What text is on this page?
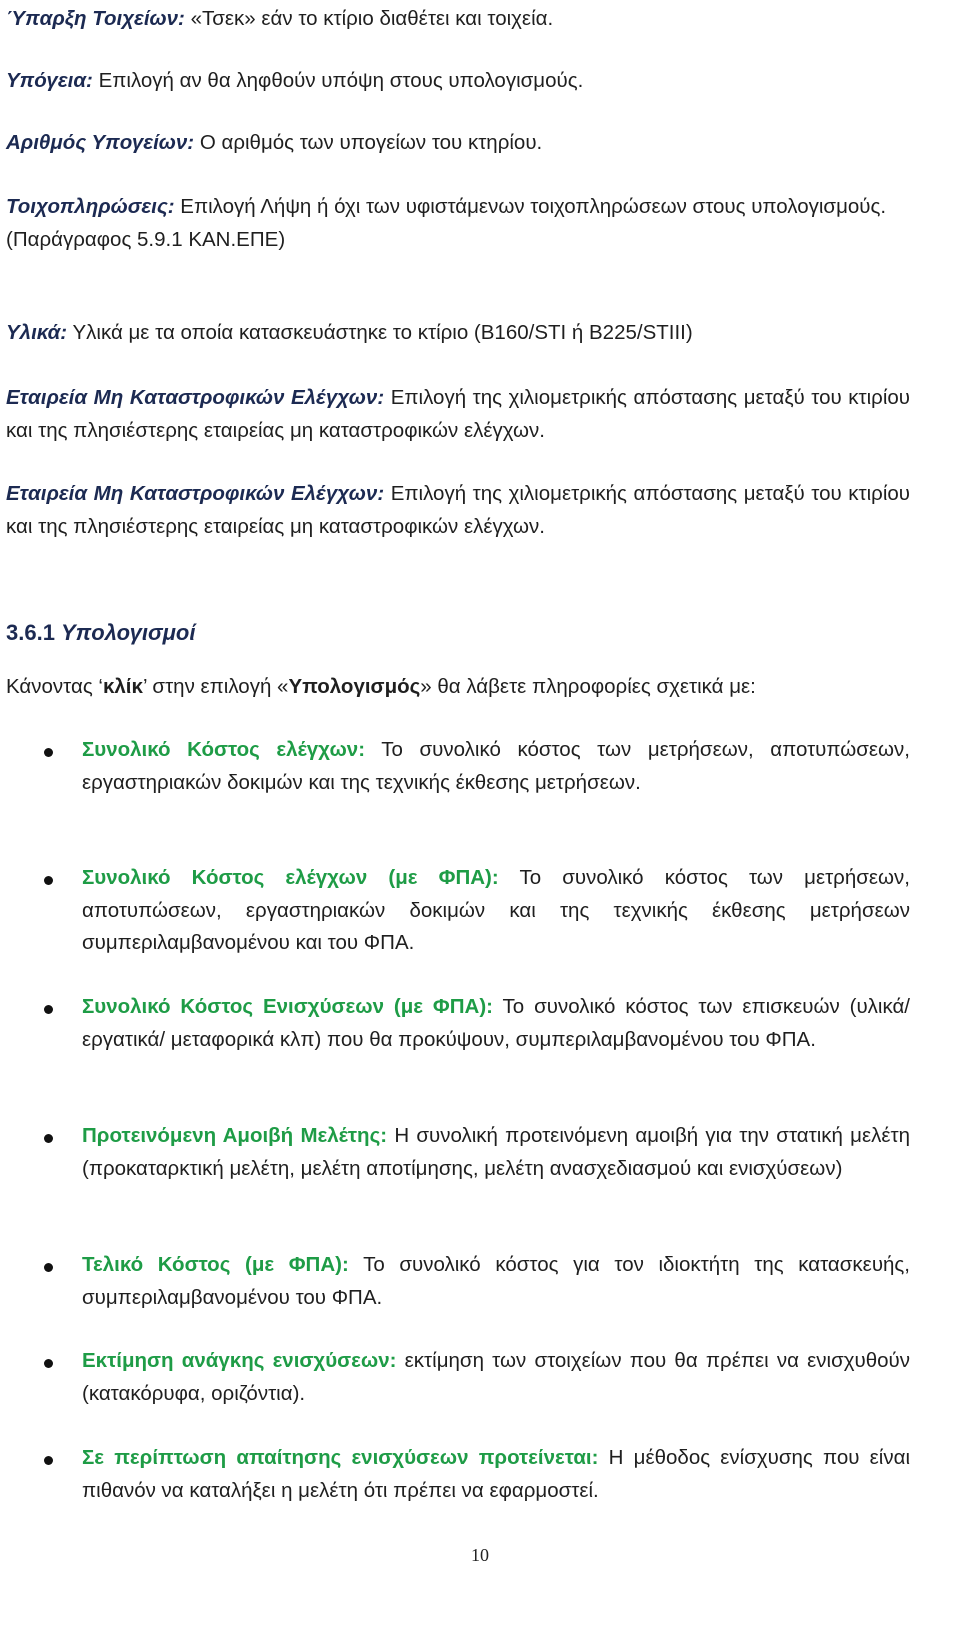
Ύπαρξη Τοιχείων: «Τσεκ» εάν το κτίριο διαθέτει και τοιχεία.

Υπόγεια: Επιλογή αν θα ληφθούν υπόψη στους υπολογισμούς.

Αριθμός Υπογείων: Ο αριθμός των υπογείων του κτηρίου.

Τοιχοπληρώσεις: Επιλογή Λήψη ή όχι των υφιστάμενων τοιχοπληρώσεων στους υπολογισμούς.

(Παράγραφος 5.9.1 ΚΑΝ.ΕΠΕ)

Υλικά: Υλικά με τα οποία κατασκευάστηκε το κτίριο (B160/STI ή B225/STIII)

Εταιρεία Μη Καταστροφικών Ελέγχων: Επιλογή της χιλιομετρικής απόστασης μεταξύ του κτιρίου και της πλησιέστερης εταιρείας μη καταστροφικών ελέγχων.

Εταιρεία Μη Καταστροφικών Ελέγχων: Επιλογή της χιλιομετρικής απόστασης μεταξύ του κτιρίου και της πλησιέστερης εταιρείας μη καταστροφικών ελέγχων.

3.6.1 Υπολογισμοί

Κάνοντας ‘κλίκ’ στην επιλογή «Υπολογισμός» θα λάβετε πληροφορίες σχετικά με:

Συνολικό Κόστος ελέγχων: Το συνολικό κόστος των μετρήσεων, αποτυπώσεων, εργαστηριακών δοκιμών και της τεχνικής έκθεσης μετρήσεων.

Συνολικό Κόστος ελέγχων (με ΦΠΑ): Το συνολικό κόστος των μετρήσεων, αποτυπώσεων, εργαστηριακών δοκιμών και της τεχνικής έκθεσης μετρήσεων συμπεριλαμβανομένου και του ΦΠΑ.

Συνολικό Κόστος Ενισχύσεων (με ΦΠΑ): Το συνολικό κόστος των επισκευών (υλικά/ εργατικά/ μεταφορικά κλπ) που θα προκύψουν, συμπεριλαμβανομένου του ΦΠΑ.

Προτεινόμενη Αμοιβή Μελέτης: Η συνολική προτεινόμενη αμοιβή για την στατική μελέτη (προκαταρκτική μελέτη, μελέτη αποτίμησης, μελέτη ανασχεδιασμού και ενισχύσεων)

Τελικό Κόστος (με ΦΠΑ): Το συνολικό κόστος για τον ιδιοκτήτη της κατασκευής, συμπεριλαμβανομένου του ΦΠΑ.

Εκτίμηση ανάγκης ενισχύσεων: εκτίμηση των στοιχείων που θα πρέπει να ενισχυθούν (κατακόρυφα, οριζόντια).

Σε περίπτωση απαίτησης ενισχύσεων προτείνεται: Η μέθοδος ενίσχυσης που είναι πιθανόν να καταλήξει η μελέτη ότι πρέπει να εφαρμοστεί.

10
